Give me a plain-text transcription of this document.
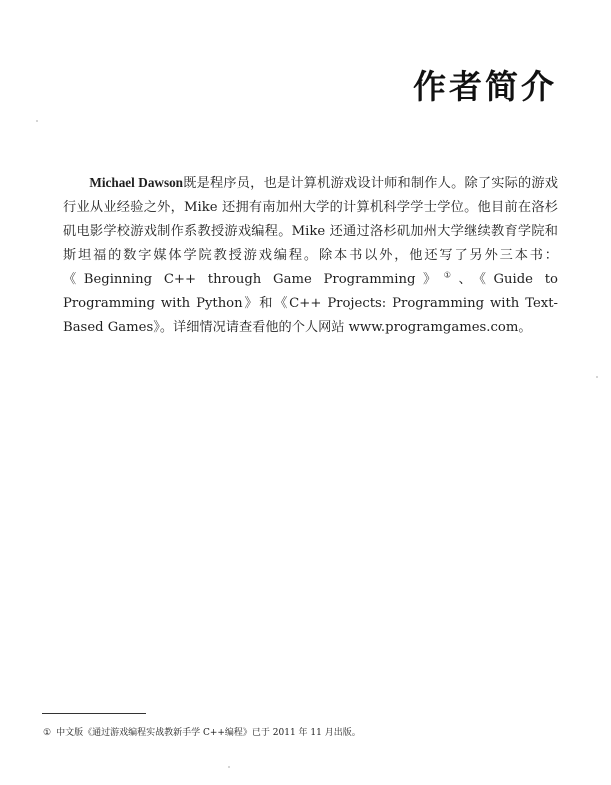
作者简介

Michael Dawson既是程序员，也是计算机游戏设计师和制作人。除了实际的游戏行业从业经验之外，Mike 还拥有南加州大学的计算机科学学士学位。他目前在洛杉矶电影学校游戏制作系教授游戏编程。Mike 还通过洛杉矶加州大学继续教育学院和斯坦福的数字媒体学院教授游戏编程。除本书以外，他还写了另外三本书：《Beginning C++ through Game Programming》①、《Guide to Programming with Python》和《C++ Projects: Programming with Text-Based Games》。详细情况请查看他的个人网站 www.programgames.com。

① 中文版《通过游戏编程实战教新手学 C++编程》已于 2011 年 11 月出版。
